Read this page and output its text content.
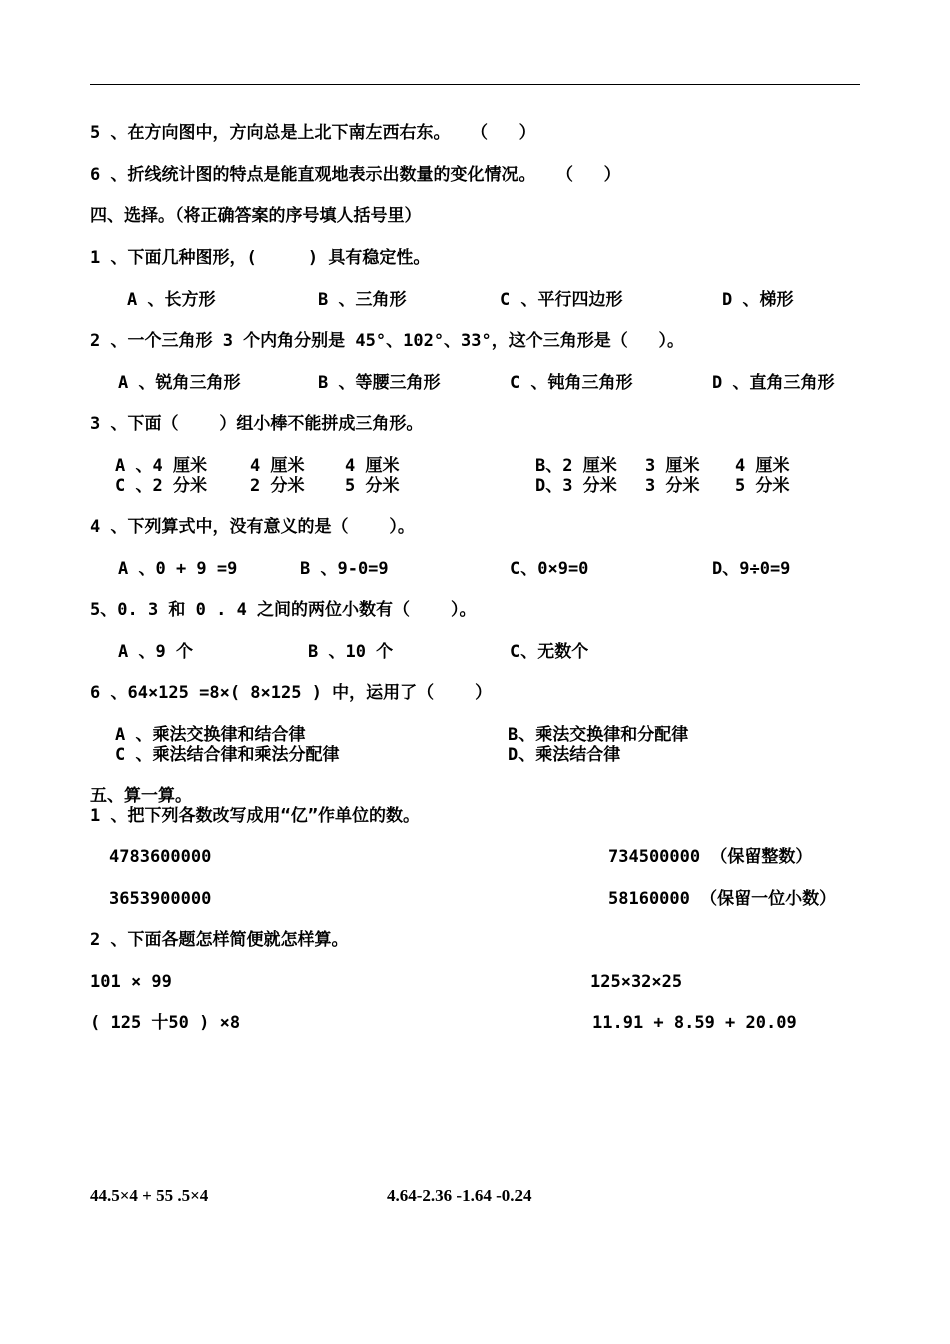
5 、在方向图中，方向总是上北下南左西右东。  （   ）
6 、折线统计图的特点是能直观地表示出数量的变化情况。  （   ）
四、选择。（将正确答案的序号填人括号里）
1 、下面几种图形，(     ) 具有稳定性。
A 、长方形	B 、三角形	C 、平行四边形	D 、梯形
2 、一个三角形 3 个内角分别是 45°、102°、33°，这个三角形是（   ）。
A 、锐角三角形	B 、等腰三角形	C 、钝角三角形	D 、直角三角形
3 、下面（    ）组小棒不能拼成三角形。
A 、4 厘米	4 厘米 4 厘米	B、2 厘米 3 厘米 4 厘米
C 、2 分米	2 分米 5 分米	D、3 分米 3 分米 5 分米
4 、下列算式中，没有意义的是（    ）。
A 、0 + 9 =9	B 、9-0=9	C、0×9=0	D、9÷0=9
5、0. 3 和 0 . 4 之间的两位小数有（    ）。
A 、9 个	B 、10 个	C、无数个
6 、64×125 =8×( 8×125 ) 中，运用了（    ）
A 、乘法交换律和结合律	B、乘法交换律和分配律
C 、乘法结合律和乘法分配律	D、乘法结合律
五、算一算。
1 、把下列各数改写成用“亿”作单位的数。
4783600000	734500000 （保留整数）
3653900000	58160000 （保留一位小数）
2 、下面各题怎样简便就怎样算。
101 × 99	125×32×25
( 125 十50 ) ×8	11.91 + 8.59 + 20.09
44.5×4 + 55 .5×4	4.64-2.36 -1.64 -0.24
